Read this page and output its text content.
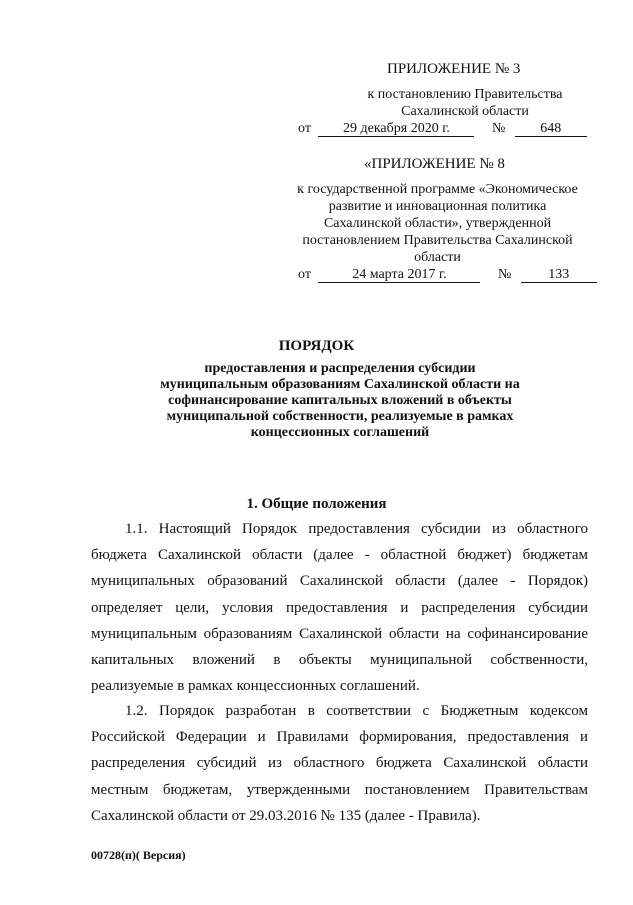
ПРИЛОЖЕНИЕ № 3
к постановлению Правительства
Сахалинской области
от 29 декабря 2020 г.	№	648
«ПРИЛОЖЕНИЕ № 8
к государственной программе «Экономическое
развитие и инновационная политика
Сахалинской области», утвержденной
постановлением Правительства Сахалинской
области
от	24 марта 2017 г.	№	133
ПОРЯДОК
предоставления и распределения субсидии муниципальным образованиям Сахалинской области на софинансирование капитальных вложений в объекты муниципальной собственности, реализуемые в рамках концессионных соглашений
1. Общие положения
1.1. Настоящий Порядок предоставления субсидии из областного бюджета Сахалинской области (далее - областной бюджет) бюджетам муниципальных образований Сахалинской области (далее - Порядок) определяет цели, условия предоставления и распределения субсидии муниципальным образованиям Сахалинской области на софинансирование капитальных вложений в объекты муниципальной собственности, реализуемые в рамках концессионных соглашений.
1.2. Порядок разработан в соответствии с Бюджетным кодексом Российской Федерации и Правилами формирования, предоставления и распределения субсидий из областного бюджета Сахалинской области местным бюджетам, утвержденными постановлением Правительствам Сахалинской области от 29.03.2016 № 135 (далее - Правила).
00728(п)( Версия)
